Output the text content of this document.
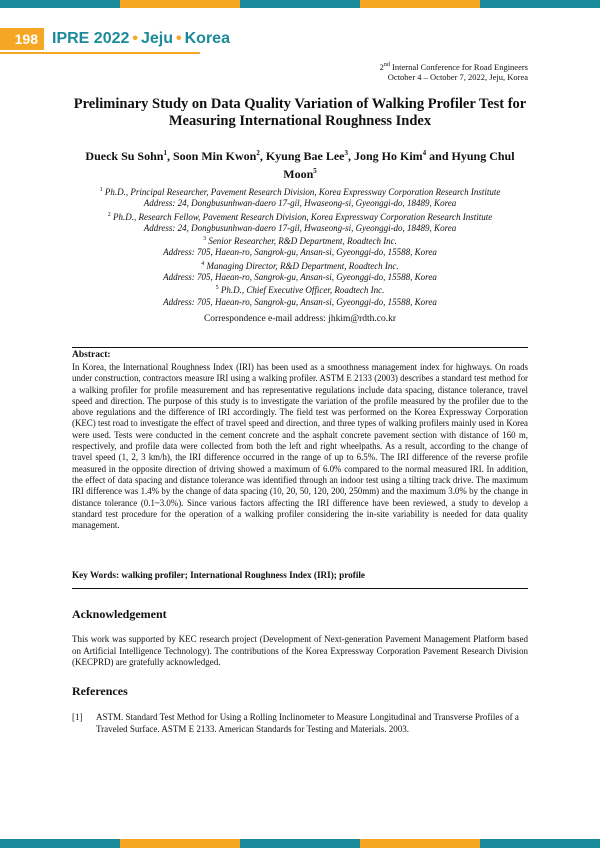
198 IPRE 2022 • Jeju • Korea
2nd Internal Conference for Road Engineers
October 4 – October 7, 2022, Jeju, Korea
Preliminary Study on Data Quality Variation of Walking Profiler Test for Measuring International Roughness Index
Dueck Su Sohn$^1$, Soon Min Kwon$^2$, Kyung Bae Lee$^3$, Jong Ho Kim$^4$ and Hyung Chul Moon$^5$
$^1$ Ph.D., Principal Researcher, Pavement Research Division, Korea Expressway Corporation Research Institute
Address: 24, Dongbusunhwan-daero 17-gil, Hwaseong-si, Gyeonggi-do, 18489, Korea
$^2$ Ph.D., Research Fellow, Pavement Research Division, Korea Expressway Corporation Research Institute
Address: 24, Dongbusunhwan-daero 17-gil, Hwaseong-si, Gyeonggi-do, 18489, Korea
$^3$ Senior Researcher, R&D Department, Roadtech Inc.
Address: 705, Haean-ro, Sangrok-gu, Ansan-si, Gyeonggi-do, 15588, Korea
$^4$ Managing Director, R&D Department, Roadtech Inc.
Address: 705, Haean-ro, Sangrok-gu, Ansan-si, Gyeonggi-do, 15588, Korea
$^5$ Ph.D., Chief Executive Officer, Roadtech Inc.
Address: 705, Haean-ro, Sangrok-gu, Ansan-si, Gyeonggi-do, 15588, Korea
Correspondence e-mail address: jhkim@rdth.co.kr
Abstract:
In Korea, the International Roughness Index (IRI) has been used as a smoothness management index for highways. On roads under construction, contractors measure IRI using a walking profiler. ASTM E 2133 (2003) describes a standard test method for a walking profiler for profile measurement and has representative regulations include data spacing, distance tolerance, travel speed and direction. The purpose of this study is to investigate the variation of the profile measured by the profiler due to the above regulations and the difference of IRI accordingly. The field test was performed on the Korea Expressway Corporation (KEC) test road to investigate the effect of travel speed and direction, and three types of walking profilers mainly used in Korea were used. Tests were conducted in the cement concrete and the asphalt concrete pavement section with distance of 160 m, respectively, and profile data were collected from both the left and right wheelpaths. As a result, according to the change of travel speed (1, 2, 3 km/h), the IRI difference occurred in the range of up to 6.5%. The IRI difference of the reverse profile measured in the opposite direction of driving showed a maximum of 6.0% compared to the normal measured IRI. In addition, the effect of data spacing and distance tolerance was identified through an indoor test using a tilting track drive. The maximum IRI difference was 1.4% by the change of data spacing (10, 20, 50, 120, 200, 250mm) and the maximum 3.0% by the change in distance tolerance (0.1~3.0%). Since various factors affecting the IRI difference have been reviewed, a study to develop a standard test procedure for the operation of a walking profiler considering the in-site variability is needed for data quality management.
Key Words: walking profiler; International Roughness Index (IRI); profile
Acknowledgement
This work was supported by KEC research project (Development of Next-generation Pavement Management Platform based on Artificial Intelligence Technology). The contributions of the Korea Expressway Corporation Pavement Research Division (KECPRD) are gratefully acknowledged.
References
[1]	ASTM. Standard Test Method for Using a Rolling Inclinometer to Measure Longitudinal and Transverse Profiles of a Traveled Surface. ASTM E 2133. American Standards for Testing and Materials. 2003.
